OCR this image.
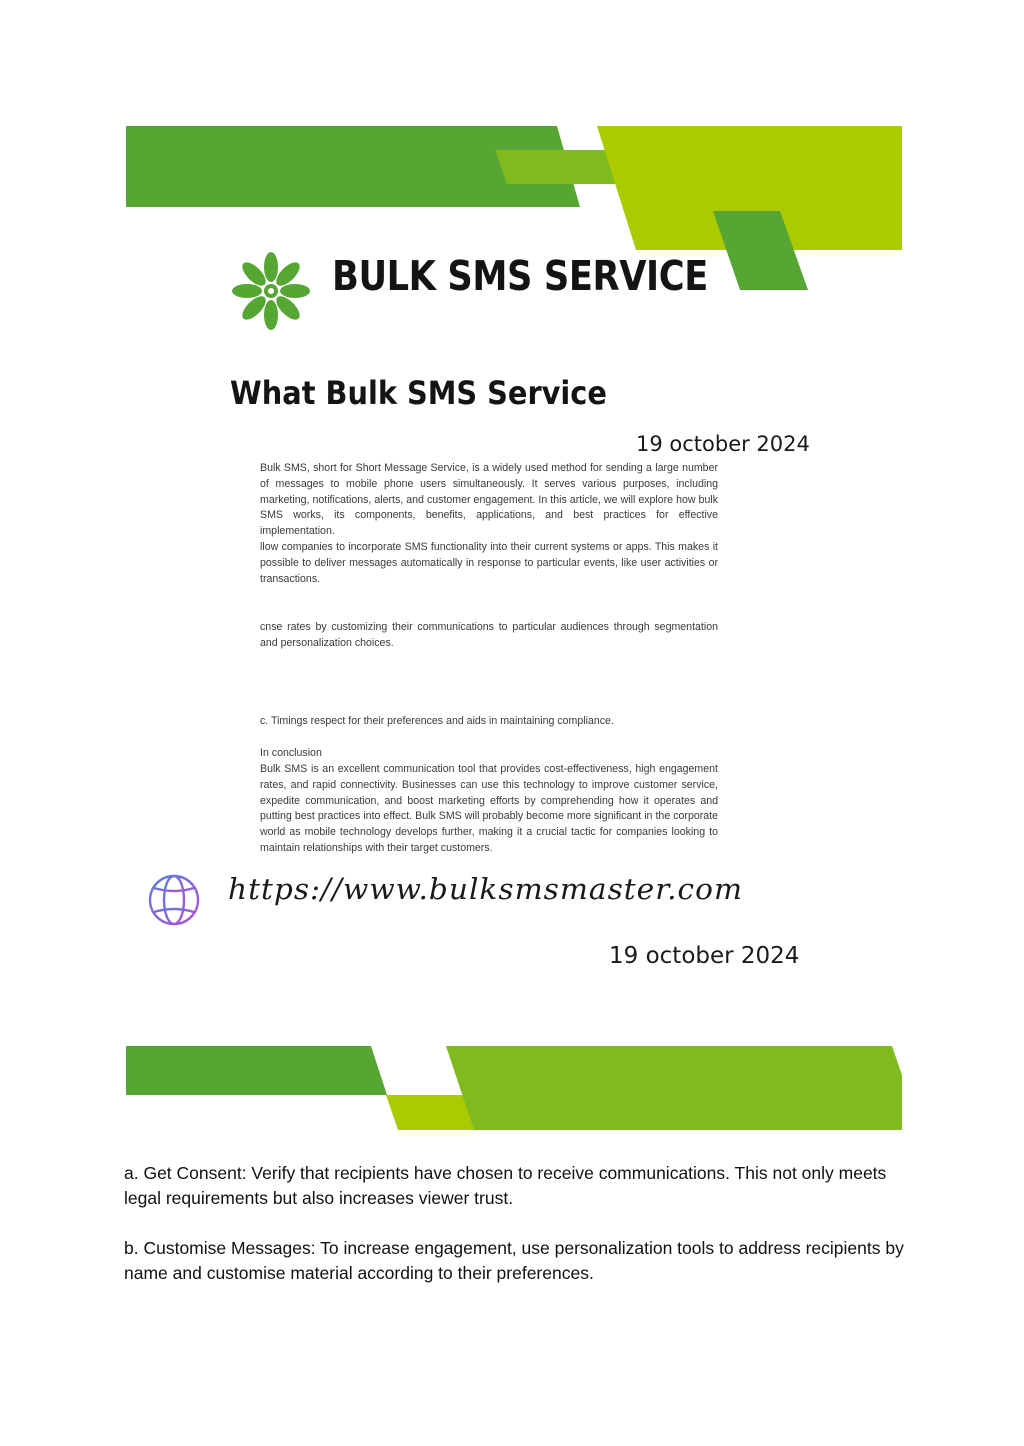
BULK SMS SERVICE
What Bulk SMS Service
19 october 2024

Bulk SMS, short for Short Message Service, is a widely used method for sending a large number of messages to mobile phone users simultaneously. It serves various purposes, including marketing, notifications, alerts, and customer engagement. In this article, we will explore how bulk SMS works, its components, benefits, applications, and best practices for effective implementation.

llow companies to incorporate SMS functionality into their current systems or apps. This makes it possible to deliver messages automatically in response to particular events, like user activities or transactions.

cnse rates by customizing their communications to particular audiences through segmentation and personalization choices.

c. Timings respect for their preferences and aids in maintaining compliance.

In conclusion

Bulk SMS is an excellent communication tool that provides cost-effectiveness, high engagement rates, and rapid connectivity. Businesses can use this technology to improve customer service, expedite communication, and boost marketing efforts by comprehending how it operates and putting best practices into effect. Bulk SMS will probably become more significant in the corporate world as mobile technology develops further, making it a crucial tactic for companies looking to maintain relationships with their target customers.

https://www.bulksmsmaster.com
19 october 2024

a. Get Consent: Verify that recipients have chosen to receive communications. This not only meets legal requirements but also increases viewer trust.

b. Customise Messages: To increase engagement, use personalization tools to address recipients by name and customise material according to their preferences.
